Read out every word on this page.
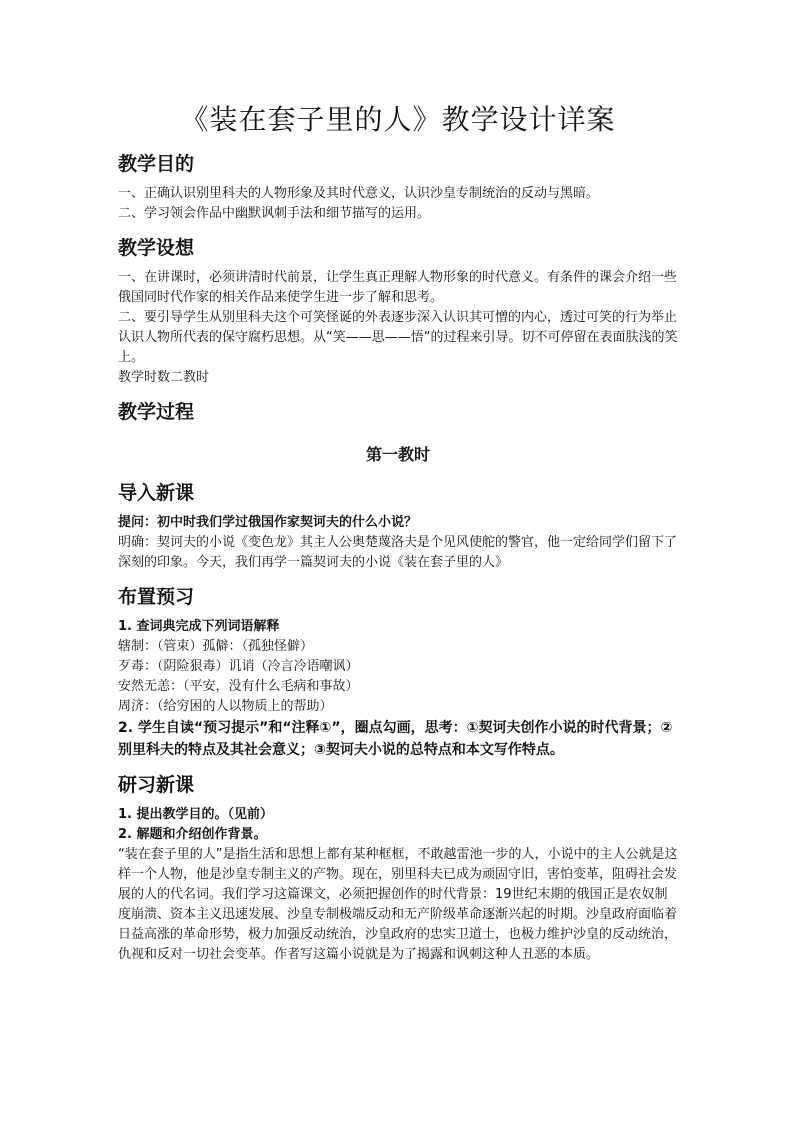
《装在套子里的人》教学设计详案
教学目的

一、正确认识别里科夫的人物形象及其时代意义，认识沙皇专制统治的反动与黑暗。

二、学习领会作品中幽默讽刺手法和细节描写的运用。

教学设想

一、在讲课时，必须讲清时代前景，让学生真正理解人物形象的时代意义。有条件的课会介绍一些俄国同时代作家的相关作品来使学生进一步了解和思考。

二、要引导学生从别里科夫这个可笑怪诞的外表逐步深入认识其可憎的内心，透过可笑的行为举止认识人物所代表的保守腐朽思想。从“笑——思——悟”的过程来引导。切不可停留在表面肤浅的笑上。

教学时数二教时

教学过程
第一教时
导入新课

提问：初中时我们学过俄国作家契诃夫的什么小说？

明确：契诃夫的小说《变色龙》其主人公奥楚蔑洛夫是个见风使舵的警官，他一定给同学们留下了深刻的印象。今天，我们再学一篇契诃夫的小说《装在套子里的人》

布置预习

1. 查词典完成下列词语解释

辖制：（管束）孤僻：（孤独怪僻）

歹毒：（阴险狠毒）讥诮（冷言冷语嘲讽）

安然无恙：（平安，没有什么毛病和事故）

周济：（给穷困的人以物质上的帮助）

2. 学生自读“预习提示”和“注释①”，圈点勾画，思考：①契诃夫创作小说的时代背景；②别里科夫的特点及其社会意义；③契诃夫小说的总特点和本文写作特点。

研习新课

1. 提出教学目的。（见前）

2. 解题和介绍创作背景。

“装在套子里的人”是指生活和思想上都有某种框框，不敢越雷池一步的人，小说中的主人公就是这样一个人物，他是沙皇专制主义的产物。现在，别里科夫已成为顽固守旧，害怕变革，阻碍社会发展的人的代名词。我们学习这篇课文，必须把握创作的时代背景：19世纪末期的俄国正是农奴制度崩溃、资本主义迅速发展、沙皇专制极端反动和无产阶级革命逐渐兴起的时期。沙皇政府面临着日益高涨的革命形势，极力加强反动统治，沙皇政府的忠实卫道士，也极力维护沙皇的反动统治，仇视和反对一切社会变革。作者写这篇小说就是为了揭露和讽刺这种人丑恶的本质。
